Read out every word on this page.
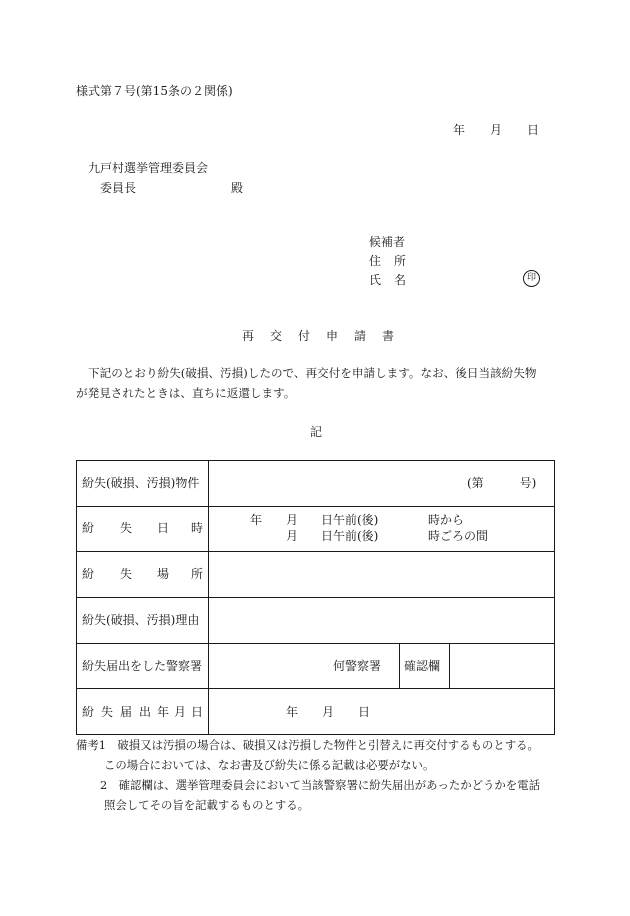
様式第７号(第15条の２関係)
年 月 日
九戸村選挙管理委員会
委員長	殿
候補者
住 所
氏 名	印
再 交 付 申 請 書
下記のとおり紛失(破損、汚損)したので、再交付を申請します。なお、後日当該紛失物
が発見されたときは、直ちに返還します。
記
紛失(破損、汚損)物件	(第　　　号)
紛 失 日 時
年 月 日午前(後)	時から
月 日午前(後)	時ごろの間
紛 失 場 所
紛失(破損、汚損)理由
紛失届出をした警察署	何警察署 確認欄
紛 失 届 出 年 月 日	年 月 日
備考1　破損又は汚損の場合は、破損又は汚損した物件と引替えに再交付するものとする。
この場合においては、なお書及び紛失に係る記載は必要がない。
2　確認欄は、選挙管理委員会において当該警察署に紛失届出があったかどうかを電話
照会してその旨を記載するものとする。
